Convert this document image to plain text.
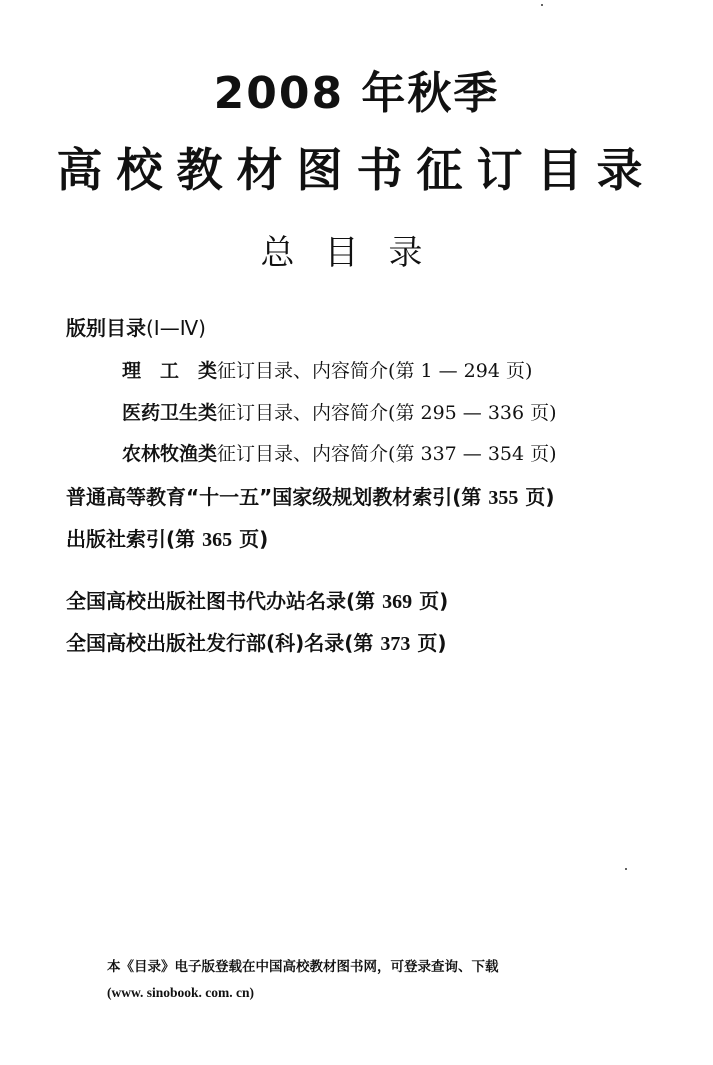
2008 年秋季
高校教材图书征订目录
总目录
版别目录(Ⅰ—Ⅳ)
理　工　类征订目录、内容简介(第 1 — 294 页)
医药卫生类征订目录、内容简介(第 295 — 336 页)
农林牧渔类征订目录、内容简介(第 337 — 354 页)
普通高等教育“十一五”国家级规划教材索引(第 355 页)
出版社索引(第 365 页)
全国高校出版社图书代办站名录(第 369 页)
全国高校出版社发行部(科)名录(第 373 页)
本《目录》电子版登载在中国高校教材图书网，可登录查询、下载
(www. sinobook. com. cn)
